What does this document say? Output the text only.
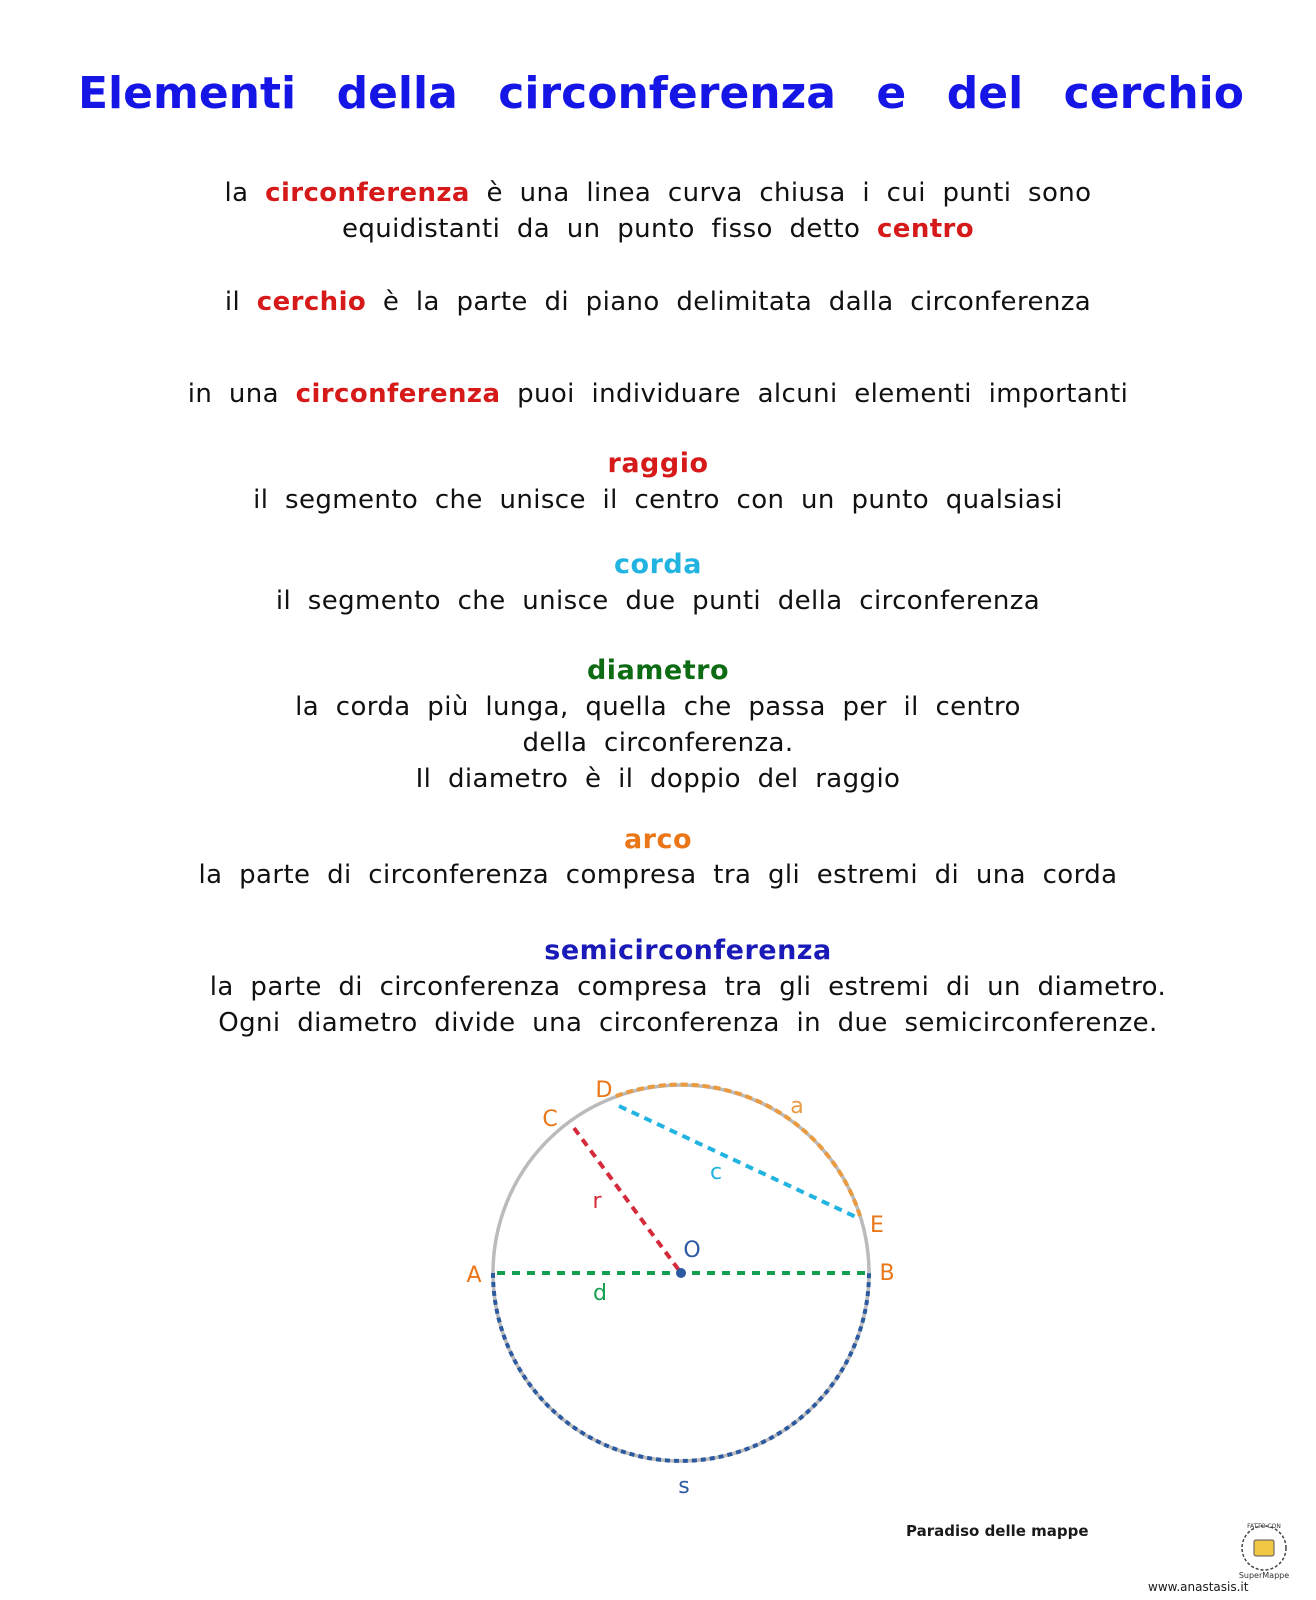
Elementi della circonferenza e del cerchio
la circonferenza è una linea curva chiusa i cui punti sono
equidistanti da un punto fisso detto centro
il cerchio è la parte di piano delimitata dalla circonferenza
in una circonferenza puoi individuare alcuni elementi importanti
raggio
il segmento che unisce il centro con un punto qualsiasi
corda
il segmento che unisce due punti della circonferenza
diametro
la corda più lunga, quella che passa per il centro
della circonferenza.
Il diametro è il doppio del raggio
arco
la parte di circonferenza compresa tra gli estremi di una corda
semicirconferenza
la parte di circonferenza compresa tra gli estremi di un diametro.
Ogni diametro divide una circonferenza in due semicirconferenze.
A	B
C
D
E
O
r
c
d
a
s
Paradiso delle mappe
www.anastasis.it
FATTO CON
SuperMappe
